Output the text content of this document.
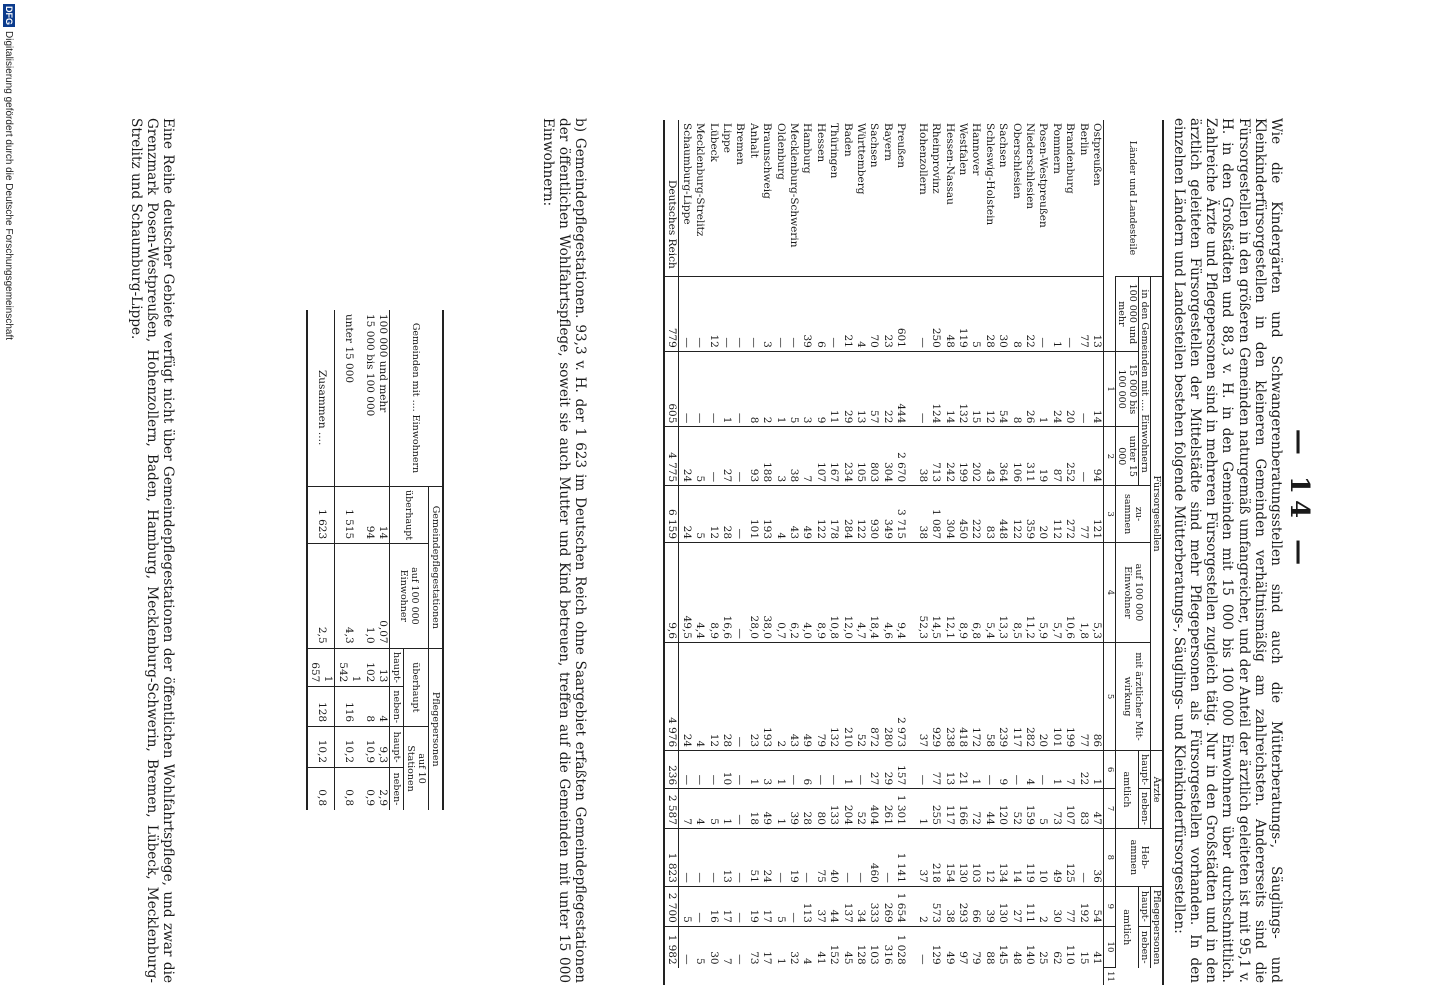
— 14 —
Wie die Kindergärten und Schwangerenberatungsstellen sind auch die Mütterberatungs-, Säuglings- und Kleinkinderfürsorgestellen in den kleineren Gemeinden verhältnismäßig am zahlreichsten. Andererseits sind die Fürsorgestellen in den größeren Gemeinden naturgemäß umfangreicher, und der Anteil der ärztlich geleiteten ist mit 95,1 v. H. in den Großstädten und 88,3 v. H. in den Gemeinden mit 15 000 bis 100 000 Einwohnern über durchschnittlich. Zahlreiche Ärzte und Pflegepersonen sind in mehreren Fürsorgestellen zugleich tätig. Nur in den Großstädten und in den ärztlich geleiteten Fürsorgestellen der Mittelstädte sind mehr Pflegepersonen als Fürsorgestellen vorhanden. In den einzelnen Ländern und Landesteilen bestehen folgende Mütterberatungs-, Säuglings- und Kleinkinderfürsorgestellen:
Länder und Landesteile	Fürsorgestellen						Ärzte		Heb-ammen	Pflegepersonen		
	in den Gemeinden mit .... Einwohnern			zu-sammen	auf 100 000 Einwohner	mit ärztlicher Mit-wirkung	haupt-	neben-		haupt-	neben-	
	100 000 und mehr	15 000 bis 100 000	unter 15 000				amtlich			amtlich		
		1	2	3	4	5	6	7	8	9	10	11
Ostpreußen	13	14	94	121	5,3	86	1	47	36	54	41	
Berlin	77	—	—	77	1,8	77	22	83	—	192	15	
Brandenburg	—	20	252	272	10,6	199	7	107	125	77	110	
Pommern	1	24	87	112	5,7	101	1	73	49	30	62	
Posen-Westpreußen	—	1	19	20	5,9	20	—	5	10	2	25	
Niederschlesien	22	26	311	359	11,2	282	4	159	119	111	140	
Oberschlesien	8	8	106	122	8,5	117	—	52	14	27	48	
Sachsen	30	54	364	448	13,3	239	9	120	134	130	145	
Schleswig-Holstein	28	12	43	83	5,4	58	—	44	12	39	88	
Hannover	5	15	202	222	6,8	172	1	72	103	66	79	
Westfalen	119	132	199	450	8,9	418	21	166	130	293	97	
Hessen-Nassau	48	14	242	304	12,1	238	13	117	154	38	49	
Rheinprovinz	250	124	713	1 087	14,5	929	77	255	218	573	129	
Hohenzollern	—	—	38	38	52,3	37	—	1	37	2	—	

Preußen	601	444	2 670	3 715	9,4	2 973	157	1 301	1 141	1 654	1 028	
Bayern	23	22	304	349	4,6	280	29	261	—	269	316	
Sachsen	70	57	803	930	18,4	872	27	404	460	333	103	
Württemberg	4	13	105	122	4,7	52	—	52	—	34	128	
Baden	21	29	234	284	12,0	210	1	204	—	137	45	
Thüringen	—	11	167	178	10,8	132	—	133	40	44	152	
Hessen	6	9	107	122	8,9	79	—	80	75	37	41	
Hamburg	39	3	7	49	4,0	49	6	28	—	113	4	
Mecklenburg-Schwerin	—	5	38	43	6,2	43	—	39	19	—	32	
Oldenburg	—	1	3	4	0,7	2	1	1	—	5	1	
Braunschweig	3	2	188	193	38,0	193	3	49	24	17	17	
Anhalt	—	8	93	101	28,0	23	1	18	51	19	73	
Bremen	—	—	—	—	—	—	—	—	—	—	—	
Lippe	—	1	27	28	16,6	28	10	1	13	17	7	
Lübeck	12	—	—	12	8,9	12	—	5	—	16	30	
Mecklenburg-Strelitz	—	—	5	5	4,4	4	—	4	—	—	5	
Schaumburg-Lippe	—	—	24	24	49,5	24	—	7	—	5	—	
Deutsches Reich	779	605	4 775	6 159	9,6	4 976	236	2 587	1 823	2 700	1 982	
b) Gemeindepflegestationen. 93,3 v. H. der 1 623 im Deutschen Reich ohne Saargebiet erfaßten Gemeindepflegestationen der öffentlichen Wohlfahrtspflege, soweit sie auch Mutter und Kind betreuen, treffen auf die Gemeinden mit unter 15 000 Einwohnern:
Gemeinden mit .... Einwohnern	Gemeindepflegestationen		Pflegepersonen			
	überhaupt	auf 100 000 Einwohner	überhaupt		auf 10 Stationen	
			haupt-	neben-	haupt-	neben-
100 000 und mehr	14	0,07	13	4	9,3	2,9
15 000 bis 100 000	94	1,0	102	8	10,9	0,9
unter 15 000	1 515	4,3	1 542	116	10,2	0,8
Zusammen ....	1 623	2,5	1 657	128	10,2	0,8
Eine Reihe deutscher Gebiete verfügt nicht über Gemeindepflegestationen der öffentlichen Wohlfahrtspflege, und zwar die Grenzmark Posen-Westpreußen, Hohenzollern, Baden, Hamburg, Mecklenburg-Schwerin, Bremen, Lübeck, Mecklenburg-Strelitz und Schaumburg-Lippe.
DFGDigitalisierung gefördert durch die Deutsche Forschungsgemeinschaft
